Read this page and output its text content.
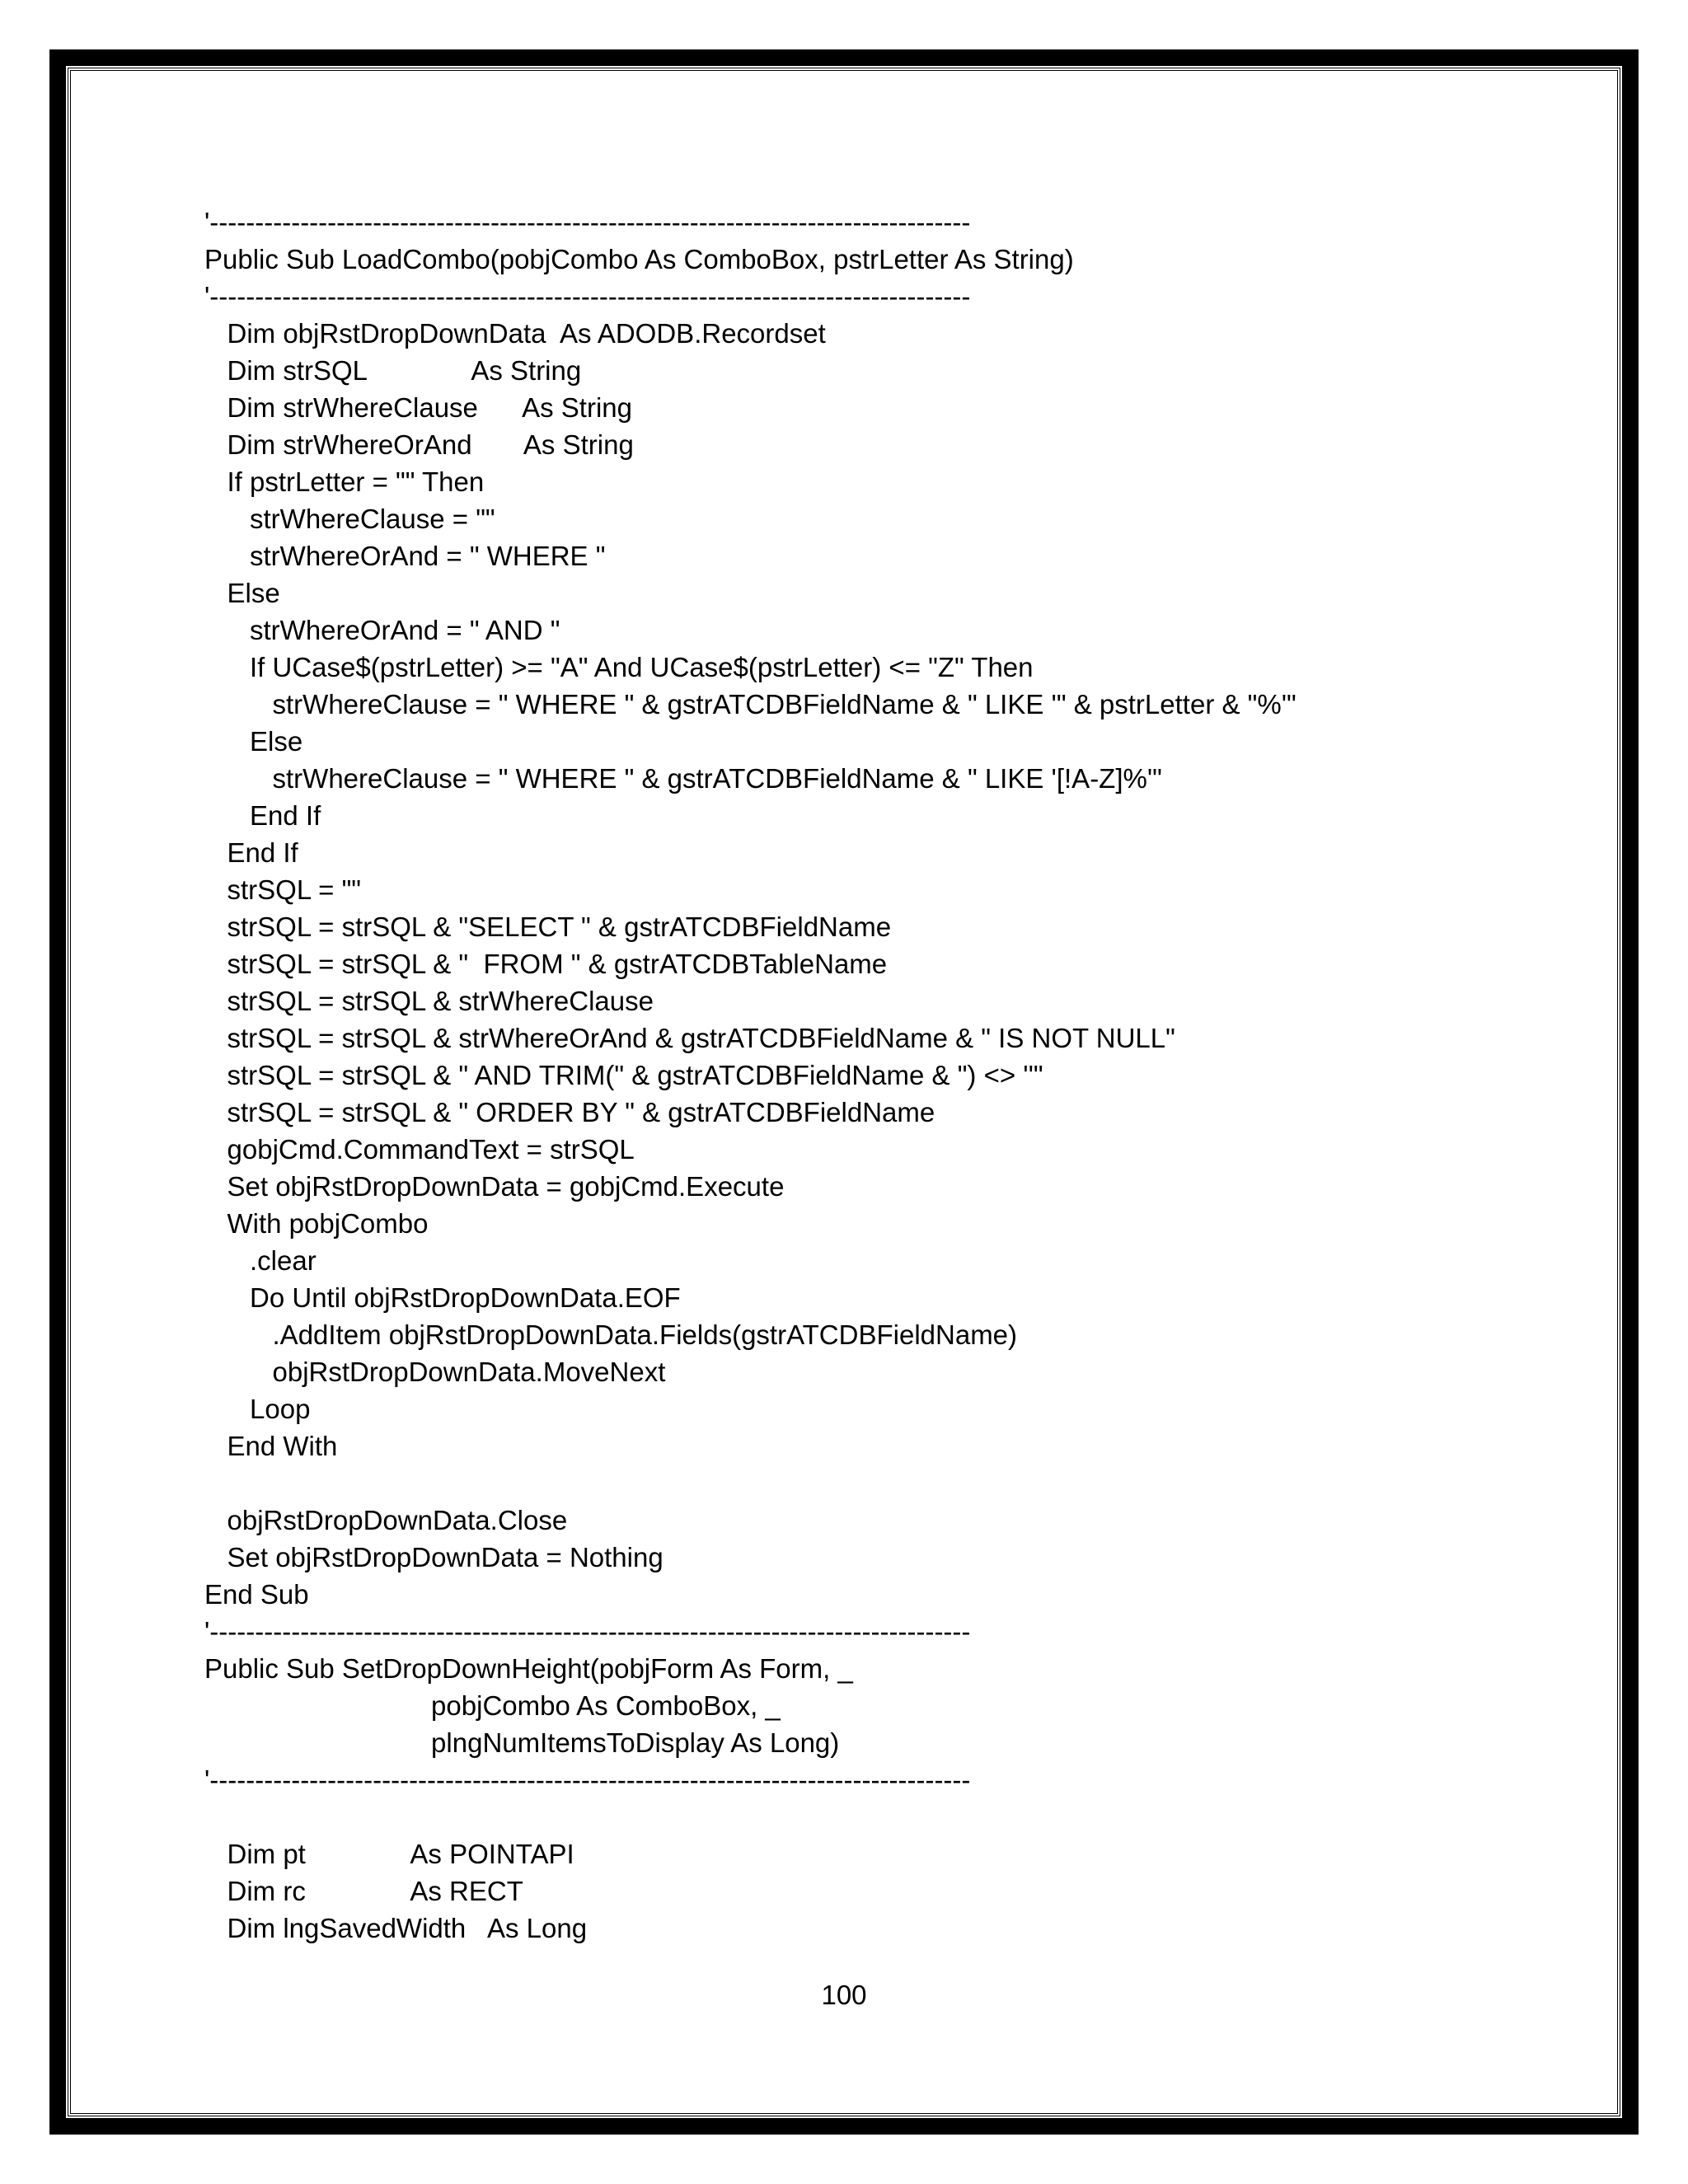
'------------------------------------------------------------------------------------
Public Sub LoadCombo(pobjCombo As ComboBox, pstrLetter As String)
'------------------------------------------------------------------------------------
Dim objRstDropDownData  As ADODB.Recordset
Dim strSQL              As String
Dim strWhereClause      As String
Dim strWhereOrAnd       As String
If pstrLetter = "" Then
strWhereClause = ""
strWhereOrAnd = " WHERE "
Else
strWhereOrAnd = " AND "
If UCase$(pstrLetter) >= "A" And UCase$(pstrLetter) <= "Z" Then
strWhereClause = " WHERE " & gstrATCDBFieldName & " LIKE '" & pstrLetter & "%'"
Else
strWhereClause = " WHERE " & gstrATCDBFieldName & " LIKE '[!A-Z]%'"
End If
End If
strSQL = ""
strSQL = strSQL & "SELECT " & gstrATCDBFieldName
strSQL = strSQL & "  FROM " & gstrATCDBTableName
strSQL = strSQL & strWhereClause
strSQL = strSQL & strWhereOrAnd & gstrATCDBFieldName & " IS NOT NULL"
strSQL = strSQL & " AND TRIM(" & gstrATCDBFieldName & ") <> ''"
strSQL = strSQL & " ORDER BY " & gstrATCDBFieldName
gobjCmd.CommandText = strSQL
Set objRstDropDownData = gobjCmd.Execute
With pobjCombo
.clear
Do Until objRstDropDownData.EOF
.AddItem objRstDropDownData.Fields(gstrATCDBFieldName)
objRstDropDownData.MoveNext
Loop
End With
objRstDropDownData.Close
Set objRstDropDownData = Nothing
End Sub
'------------------------------------------------------------------------------------
Public Sub SetDropDownHeight(pobjForm As Form, _
pobjCombo As ComboBox, _
plngNumItemsToDisplay As Long)
'------------------------------------------------------------------------------------
Dim pt              As POINTAPI
Dim rc              As RECT
Dim lngSavedWidth   As Long
100
